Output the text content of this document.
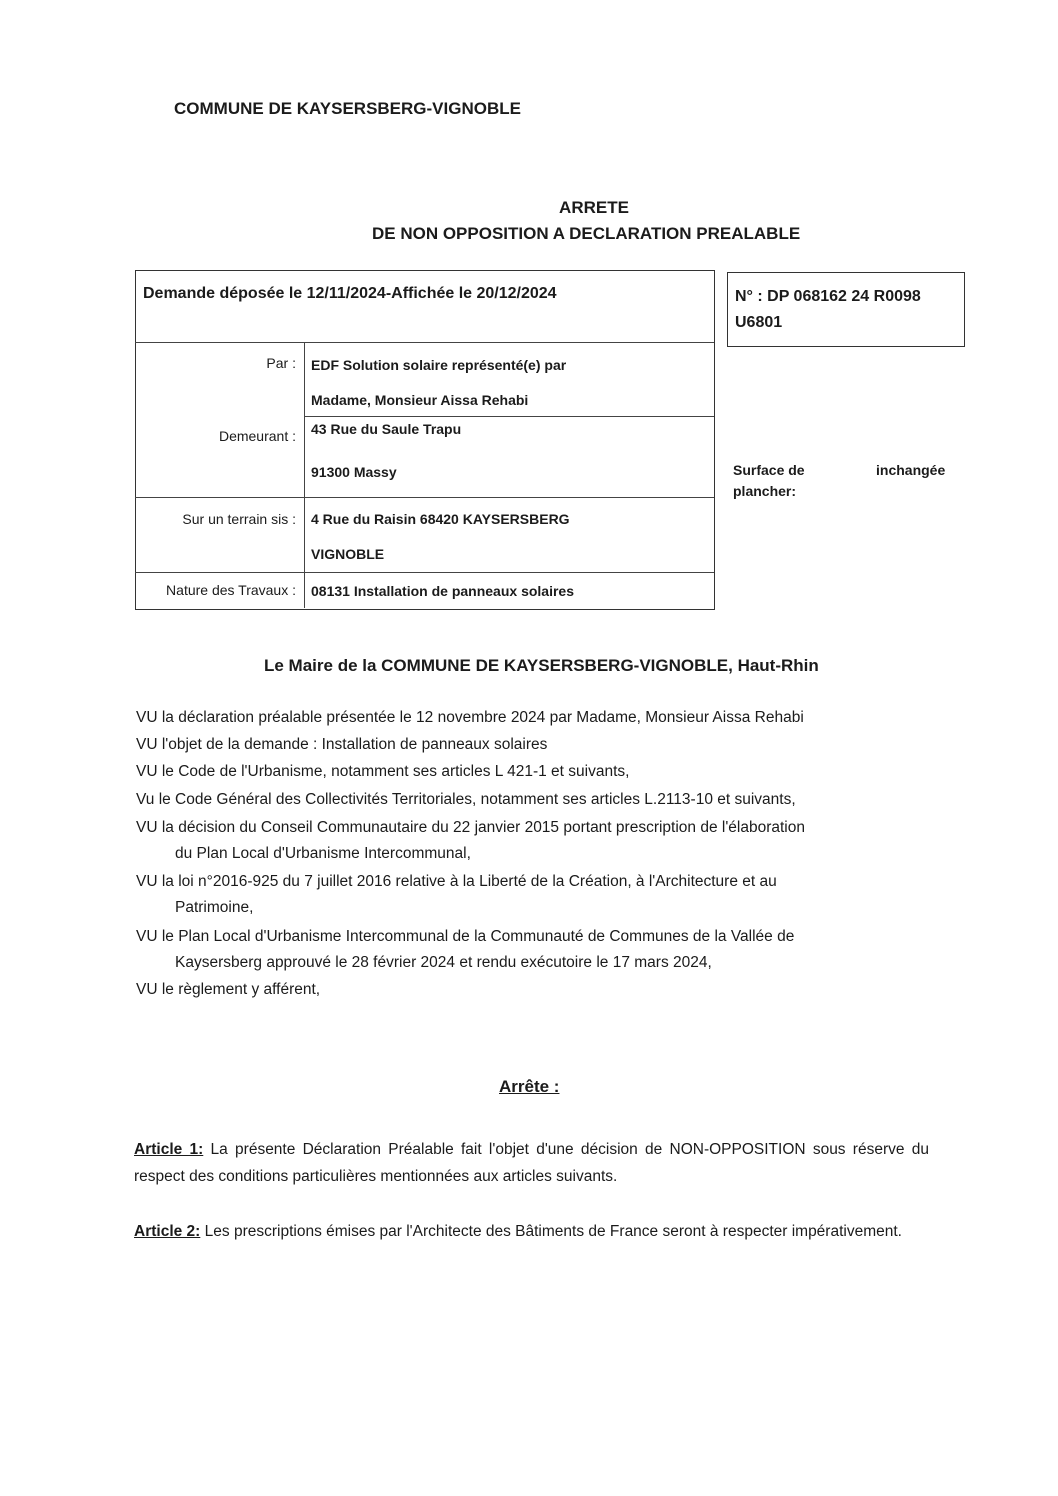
COMMUNE DE KAYSERSBERG-VIGNOBLE
ARRETE
DE NON OPPOSITION A DECLARATION PREALABLE
Demande déposée le 12/11/2024-Affichée le 20/12/2024
Par : EDF Solution solaire représenté(e) par
Madame, Monsieur Aissa Rehabi
Demeurant : 43 Rue du Saule Trapu
91300 Massy
Sur un terrain sis : 4 Rue du Raisin 68420 KAYSERSBERG
VIGNOBLE
Nature des Travaux : 08131 Installation de panneaux solaires
N° : DP 068162 24 R0098
U6801
Surface de
plancher:
inchangée
Le Maire de la COMMUNE DE KAYSERSBERG-VIGNOBLE, Haut-Rhin
VU la déclaration préalable présentée le 12 novembre 2024 par Madame, Monsieur Aissa Rehabi
VU l'objet de la demande : Installation de panneaux solaires
VU le Code de l'Urbanisme, notamment ses articles L 421-1 et suivants,
Vu le Code Général des Collectivités Territoriales, notamment ses articles L.2113-10 et suivants,
VU la décision du Conseil Communautaire du 22 janvier 2015 portant prescription de l'élaboration
du Plan Local d'Urbanisme Intercommunal,
VU la loi n°2016-925 du 7 juillet 2016 relative à la Liberté de la Création, à l'Architecture et au
Patrimoine,
VU le Plan Local d'Urbanisme Intercommunal de la Communauté de Communes de la Vallée de
Kaysersberg approuvé le 28 février 2024 et rendu exécutoire le 17 mars 2024,
VU le règlement y afférent,
Arrête :
Article 1: La présente Déclaration Préalable fait l'objet d'une décision de NON-OPPOSITION sous réserve du respect des conditions particulières mentionnées aux articles suivants.
Article 2: Les prescriptions émises par l'Architecte des Bâtiments de France seront à respecter impérativement.
